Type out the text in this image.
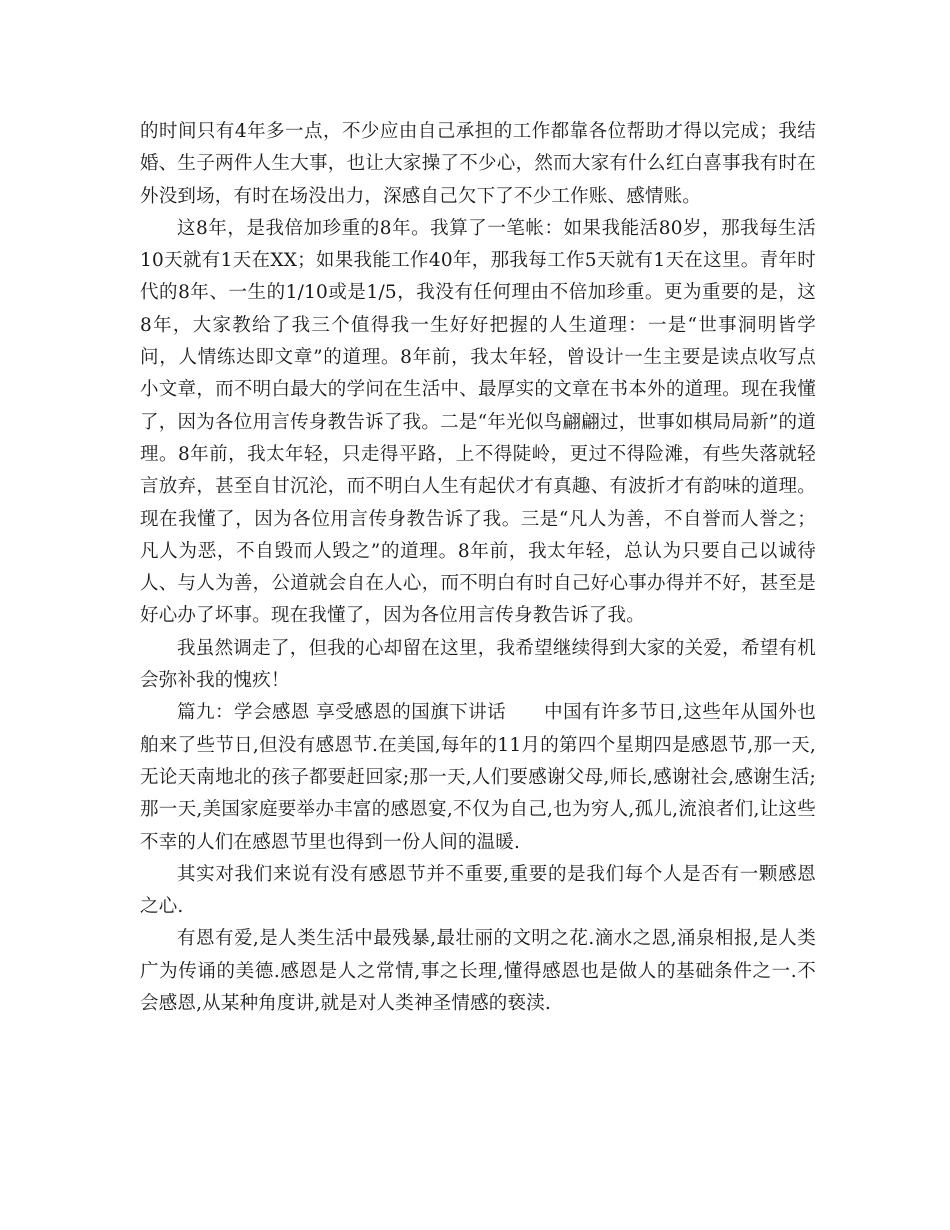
的时间只有4年多一点，不少应由自己承担的工作都靠各位帮助才得以完成；我结婚、生子两件人生大事，也让大家操了不少心，然而大家有什么红白喜事我有时在外没到场，有时在场没出力，深感自己欠下了不少工作账、感情账。

这8年，是我倍加珍重的8年。我算了一笔帐：如果我能活80岁，那我每生活10天就有1天在XX；如果我能工作40年，那我每工作5天就有1天在这里。青年时代的8年、一生的1/10或是1/5，我没有任何理由不倍加珍重。更为重要的是，这8年，大家教给了我三个值得我一生好好把握的人生道理：一是“世事洞明皆学问，人情练达即文章”的道理。8年前，我太年轻，曾设计一生主要是读点收写点小文章，而不明白最大的学问在生活中、最厚实的文章在书本外的道理。现在我懂了，因为各位用言传身教告诉了我。二是“年光似鸟翩翩过，世事如棋局局新”的道理。8年前，我太年轻，只走得平路，上不得陡岭，更过不得险滩，有些失落就轻言放弃，甚至自甘沉沦，而不明白人生有起伏才有真趣、有波折才有韵味的道理。现在我懂了，因为各位用言传身教告诉了我。三是“凡人为善，不自誉而人誉之；凡人为恶，不自毁而人毁之”的道理。8年前，我太年轻，总认为只要自己以诚待人、与人为善，公道就会自在人心，而不明白有时自己好心事办得并不好，甚至是好心办了坏事。现在我懂了，因为各位用言传身教告诉了我。

我虽然调走了，但我的心却留在这里，我希望继续得到大家的关爱，希望有机会弥补我的愧疚！

篇九：学会感恩 享受感恩的国旗下讲话　　中国有许多节日,这些年从国外也舶来了些节日,但没有感恩节.在美国,每年的11月的第四个星期四是感恩节,那一天,无论天南地北的孩子都要赶回家;那一天,人们要感谢父母,师长,感谢社会,感谢生活;那一天,美国家庭要举办丰富的感恩宴,不仅为自己,也为穷人,孤儿,流浪者们,让这些不幸的人们在感恩节里也得到一份人间的温暖.

其实对我们来说有没有感恩节并不重要,重要的是我们每个人是否有一颗感恩之心.

有恩有爱,是人类生活中最残暴,最壮丽的文明之花.滴水之恩,涌泉相报,是人类广为传诵的美德.感恩是人之常情,事之长理,懂得感恩也是做人的基础条件之一.不会感恩,从某种角度讲,就是对人类神圣情感的亵渎.
